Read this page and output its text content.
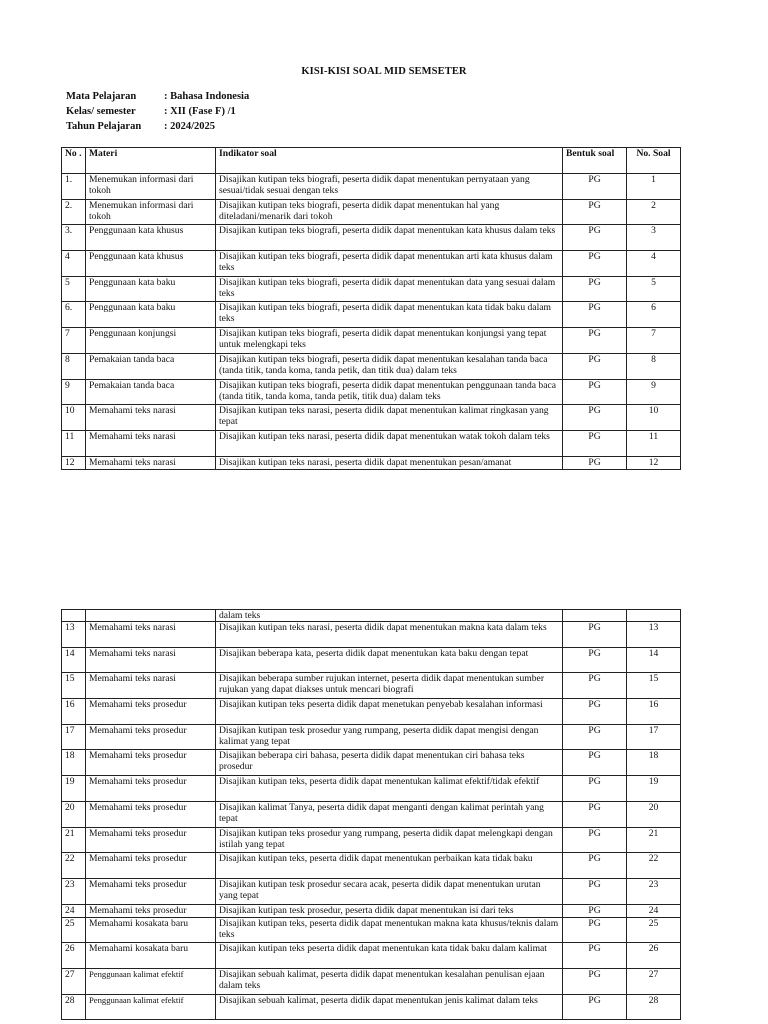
KISI-KISI SOAL MID SEMSETER
Mata Pelajaran	: Bahasa Indonesia
Kelas/ semester	: XII (Fase F) /1
Tahun Pelajaran : 2024/2025
No .	Materi	Indikator soal	Bentuk soal	No. Soal
1.	Menemukan informasi dari tokoh	Disajikan kutipan teks biografi, peserta didik dapat menentukan pernyataan yang sesuai/tidak sesuai dengan teks	PG	1
2.	Menemukan informasi dari tokoh	Disajikan kutipan teks biografi, peserta didik dapat menentukan hal yang diteladani/menarik dari tokoh	PG	2
3.	Penggunaan kata khusus	Disajikan kutipan teks biografi, peserta didik dapat menentukan kata khusus dalam teks	PG	3
4	Penggunaan kata khusus	Disajikan kutipan teks biografi, peserta didik dapat menentukan arti kata khusus dalam teks	PG	4
5	Penggunaan kata baku	Disajikan kutipan teks biografi, peserta didik dapat menentukan data yang sesuai dalam teks	PG	5
6.	Penggunaan kata baku	Disajikan kutipan teks biografi, peserta didik dapat menentukan kata tidak baku dalam teks	PG	6
7	Penggunaan konjungsi	Disajikan kutipan teks biografi, peserta didik dapat menentukan konjungsi yang tepat untuk melengkapi teks	PG	7
8	Pemakaian tanda baca	Disajikan kutipan teks biografi, peserta didik dapat menentukan kesalahan tanda baca (tanda titik, tanda koma, tanda petik, dan titik dua) dalam teks	PG	8
9	Pemakaian tanda baca	Disajikan kutipan teks biografi, peserta didik dapat menentukan penggunaan tanda baca (tanda titik, tanda koma, tanda petik, titik dua) dalam teks	PG	9
10	Memahami teks narasi	Disajikan kutipan teks narasi, peserta didik dapat menentukan kalimat ringkasan yang tepat	PG	10
11	Memahami teks narasi	Disajikan kutipan teks narasi, peserta didik dapat menentukan watak tokoh dalam teks	PG	11
12	Memahami teks narasi	Disajikan kutipan teks narasi, peserta didik dapat menentukan pesan/amanat	PG	12
		dalam teks		
13	Memahami teks narasi	Disajikan kutipan teks narasi, peserta didik dapat menentukan makna kata dalam teks	PG	13
14	Memahami teks narasi	Disajikan beberapa kata, peserta didik dapat menentukan kata baku dengan tepat	PG	14
15	Memahami teks narasi	Disajikan beberapa sumber rujukan internet, peserta didik dapat menentukan sumber rujukan yang dapat diakses untuk mencari biografi	PG	15
16	Memahami teks prosedur	Disajikan kutipan teks peserta didik dapat menetukan penyebab kesalahan informasi	PG	16
17	Memahami teks prosedur	Disajikan kutipan tesk prosedur yang rumpang, peserta didik dapat mengisi dengan kalimat yang tepat	PG	17
18	Memahami teks prosedur	Disajikan beberapa ciri bahasa, peserta didik dapat menentukan ciri bahasa teks prosedur	PG	18
19	Memahami teks prosedur	Disajikan kutipan teks, peserta didik dapat menentukan kalimat efektif/tidak efektif	PG	19
20	Memahami teks prosedur	Disajikan kalimat Tanya, peserta didik dapat menganti dengan kalimat perintah yang tepat	PG	20
21	Memahami teks prosedur	Disajikan kutipan teks prosedur yang rumpang, peserta didik dapat melengkapi dengan istilah yang tepat	PG	21
22	Memahami teks prosedur	Disajikan kutipan teks, peserta didik dapat menentukan perbaikan kata tidak baku	PG	22
23	Memahami teks prosedur	Disajikan kutipan tesk prosedur secara acak, peserta didik dapat menentukan urutan yang tepat	PG	23
24	Memahami teks prosedur	Disajikan kutipan tesk prosedur, peserta didik dapat menentukan isi dari teks	PG	24
25	Memahami kosakata baru	Disajikan kutipan teks, peserta didik dapat menentukan makna kata khusus/teknis dalam teks	PG	25
26	Memahami kosakata baru	Disajikan kutipan teks peserta didik dapat menentukan kata tidak baku dalam kalimat	PG	26
27	Penggunaan kalimat efektif	Disajikan sebuah kalimat, peserta didik dapat menentukan kesalahan penulisan ejaan dalam teks	PG	27
28	Penggunaan kalimat efektif	Disajikan sebuah kalimat, peserta didik dapat menentukan jenis kalimat dalam teks	PG	28
